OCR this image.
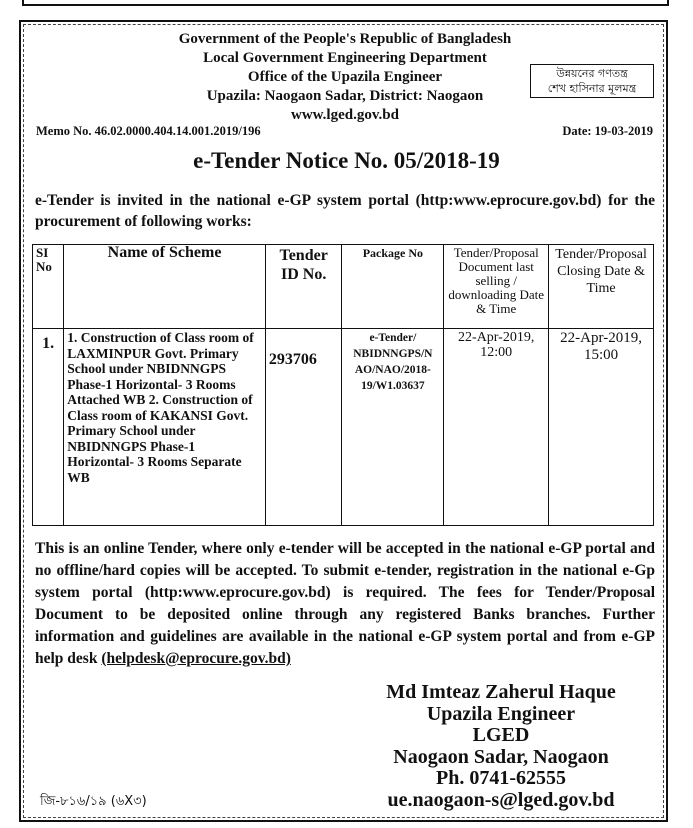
Government of the People's Republic of Bangladesh
Local Government Engineering Department
Office of the Upazila Engineer
Upazila: Naogaon Sadar, District: Naogaon
www.lged.gov.bd
উন্নয়নের গণতন্ত্র
শেখ হাসিনার মূলমন্ত্র
Memo No. 46.02.0000.404.14.001.2019/196	Date: 19-03-2019
e-Tender Notice No. 05/2018-19
e-Tender is invited in the national e-GP system portal (http:www.eprocure.gov.bd) for the procurement of following works:
SI No	Name of Scheme	Tender ID No.	Package No	Tender/Proposal Document last selling / downloading Date & Time	Tender/Proposal Closing Date & Time
1.	1. Construction of Class room of LAXMINPUR Govt. Primary School under NBIDNNGPS Phase-1 Horizontal- 3 Rooms Attached WB 2. Construction of Class room of KAKANSI Govt. Primary School under NBIDNNGPS Phase-1 Horizontal- 3 Rooms Separate WB	293706	e-Tender/ NBIDNNGPS/N AO/NAO/2018- 19/W1.03637	22-Apr-2019, 12:00	22-Apr-2019, 15:00
This is an online Tender, where only e-tender will be accepted in the national e-GP portal and no offline/hard copies will be accepted. To submit e-tender, registration in the national e-Gp system portal (http:www.eprocure.gov.bd) is required. The fees for Tender/Proposal Document to be deposited online through any registered Banks branches. Further information and guidelines are available in the national e-GP system portal and from e-GP help desk (helpdesk@eprocure.gov.bd)
Md Imteaz Zaherul Haque
Upazila Engineer
LGED
Naogaon Sadar, Naogaon
Ph. 0741-62555
ue.naogaon-s@lged.gov.bd
জি-৮১৬/১৯ (৬X৩)
